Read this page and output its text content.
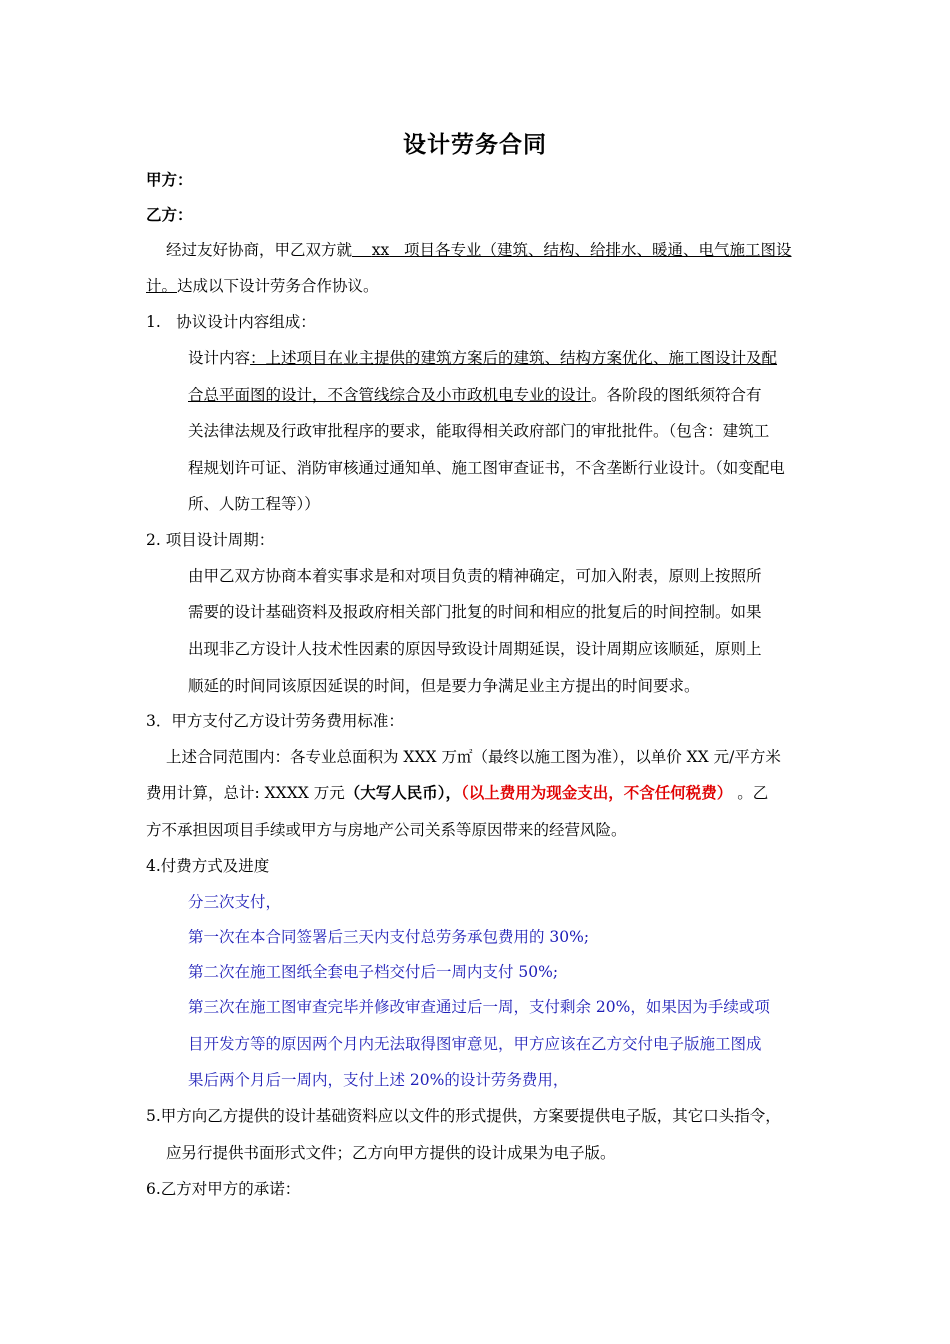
设计劳务合同
甲方：
乙方：
经过友好协商，甲乙双方就 xx 项目各专业（建筑、结构、给排水、暖通、电气施工图设
计。达成以下设计劳务合作协议。
1.　协议设计内容组成：
设计内容：上述项目在业主提供的建筑方案后的建筑、结构方案优化、施工图设计及配
合总平面图的设计，不含管线综合及小市政机电专业的设计。各阶段的图纸须符合有
关法律法规及行政审批程序的要求，能取得相关政府部门的审批批件。（包含：建筑工
程规划许可证、消防审核通过通知单、施工图审查证书，不含垄断行业设计。（如变配电
所、人防工程等））
2. 项目设计周期：
由甲乙双方协商本着实事求是和对项目负责的精神确定，可加入附表，原则上按照所
需要的设计基础资料及报政府相关部门批复的时间和相应的批复后的时间控制。如果
出现非乙方设计人技术性因素的原因导致设计周期延误，设计周期应该顺延，原则上
顺延的时间同该原因延误的时间，但是要力争满足业主方提出的时间要求。
3．甲方支付乙方设计劳务费用标准：
上述合同范围内：各专业总面积为 XXX 万㎡（最终以施工图为准），以单价 XX 元/平方米
费用计算，总计: XXXX 万元（大写人民币），（以上费用为现金支出，不含任何税费） 。乙
方不承担因项目手续或甲方与房地产公司关系等原因带来的经营风险。
4.付费方式及进度
分三次支付，
第一次在本合同签署后三天内支付总劳务承包费用的 30%;
第二次在施工图纸全套电子档交付后一周内支付 50%;
第三次在施工图审查完毕并修改审查通过后一周，支付剩余 20%，如果因为手续或项
目开发方等的原因两个月内无法取得图审意见，甲方应该在乙方交付电子版施工图成
果后两个月后一周内，支付上述 20%的设计劳务费用，
5.甲方向乙方提供的设计基础资料应以文件的形式提供，方案要提供电子版，其它口头指令，
应另行提供书面形式文件；乙方向甲方提供的设计成果为电子版。
6.乙方对甲方的承诺：
